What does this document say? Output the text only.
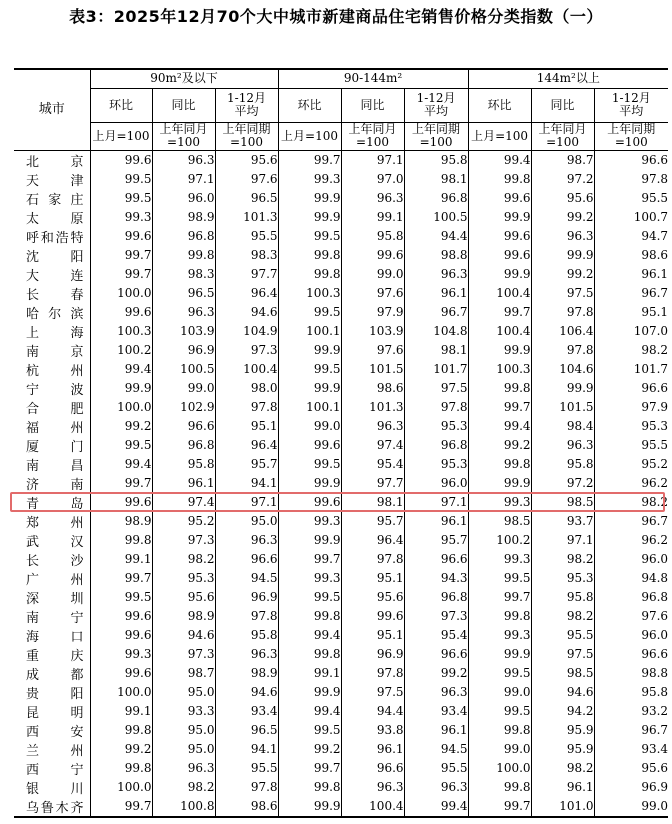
表3：2025年12月70个大中城市新建商品住宅销售价格分类指数（一）
城市	90m²及以下			90-144m²			144m²以上		
	环比	同比	1-12月平均	环比	同比	1-12月平均	环比	同比	1-12月平均
	上月=100	上年同月=100	上年同期=100	上月=100	上年同月=100	上年同期=100	上月=100	上年同月=100	上年同期=100
北京	99.6	96.3	95.6	99.7	97.1	95.8	99.4	98.7	96.6
天津	99.5	97.1	97.6	99.3	97.0	98.1	99.8	97.2	97.8
石家庄	99.5	96.0	96.5	99.9	96.3	96.8	99.6	95.6	95.5
太原	99.3	98.9	101.3	99.9	99.1	100.5	99.9	99.2	100.7
呼和浩特	99.6	96.8	95.5	99.5	95.8	94.4	99.6	96.3	94.7
沈阳	99.7	99.8	98.3	99.8	99.6	98.8	99.6	99.9	98.6
大连	99.7	98.3	97.7	99.8	99.0	96.3	99.9	99.2	96.1
长春	100.0	96.5	96.4	100.3	97.6	96.1	100.4	97.5	96.7
哈尔滨	99.6	96.3	94.6	99.5	97.9	96.7	99.7	97.8	95.1
上海	100.3	103.9	104.9	100.1	103.9	104.8	100.4	106.4	107.0
南京	100.2	96.9	97.3	99.9	97.6	98.1	99.9	97.8	98.2
杭州	99.4	100.5	100.4	99.5	101.5	101.7	100.3	104.6	101.7
宁波	99.9	99.0	98.0	99.9	98.6	97.5	99.8	99.9	96.6
合肥	100.0	102.9	97.8	100.1	101.3	97.8	99.7	101.5	97.9
福州	99.2	96.6	95.1	99.0	96.3	95.3	99.4	98.4	95.3
厦门	99.5	96.8	96.4	99.6	97.4	96.8	99.2	96.3	95.5
南昌	99.4	95.8	95.7	99.5	95.4	95.3	99.8	95.8	95.2
济南	99.7	96.1	94.1	99.9	97.7	96.0	99.9	97.2	96.2
青岛	99.6	97.4	97.1	99.6	98.1	97.1	99.3	98.5	98.2
郑州	98.9	95.2	95.0	99.3	95.7	96.1	98.5	93.7	96.7
武汉	99.8	97.3	96.3	99.9	96.4	95.7	100.2	97.1	96.2
长沙	99.1	98.2	96.6	99.7	97.8	96.6	99.3	98.2	96.0
广州	99.7	95.3	94.5	99.3	95.1	94.3	99.5	95.3	94.8
深圳	99.5	95.6	96.9	99.5	95.6	96.8	99.7	95.8	96.8
南宁	99.6	98.9	97.8	99.8	99.6	97.3	99.8	98.2	97.6
海口	99.6	94.6	95.8	99.4	95.1	95.4	99.3	95.5	96.0
重庆	99.3	97.3	96.3	99.8	96.9	96.6	99.9	97.5	96.6
成都	99.6	98.7	98.9	99.1	97.8	99.2	99.5	98.5	98.8
贵阳	100.0	95.0	94.6	99.9	97.5	96.3	99.0	94.6	95.8
昆明	99.1	93.3	93.4	99.4	94.4	93.4	99.5	94.2	93.2
西安	99.8	95.0	96.5	99.5	93.8	96.1	99.8	95.9	96.7
兰州	99.2	95.0	94.1	99.2	96.1	94.5	99.0	95.9	93.4
西宁	99.8	96.3	95.5	99.7	96.6	95.5	100.0	98.2	95.6
银川	100.0	98.2	97.8	99.8	96.3	96.3	99.8	96.1	96.9
乌鲁木齐	99.7	100.8	98.6	99.9	100.4	99.4	99.7	101.0	99.0
